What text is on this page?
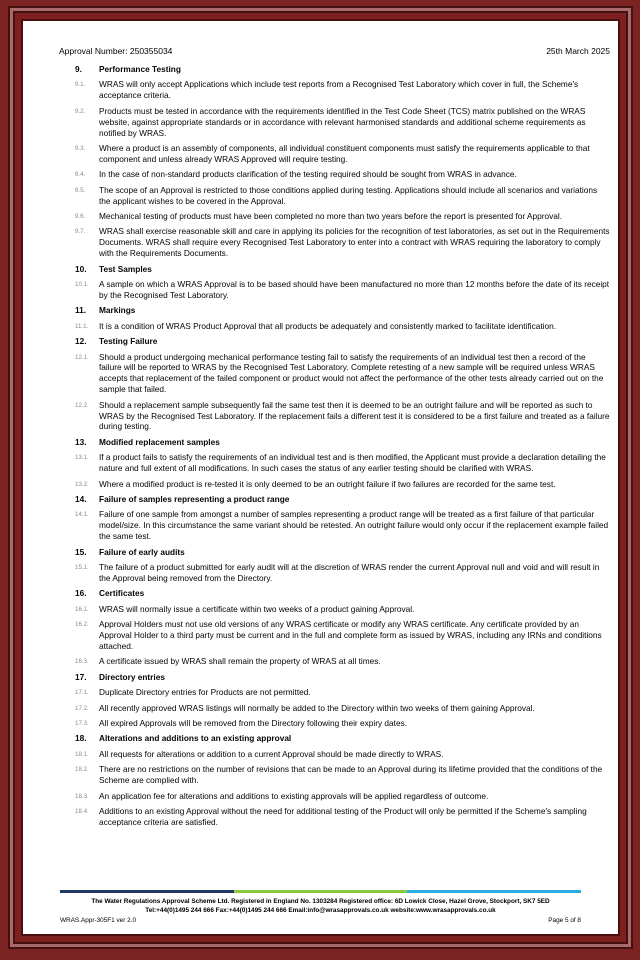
Approval Number: 250355034	25th March 2025
9.	Performance Testing
9.1.	WRAS will only accept Applications which include test reports from a Recognised Test Laboratory which cover in full, the Scheme's acceptance criteria.
9.2.	Products must be tested in accordance with the requirements identified in the Test Code Sheet (TCS) matrix published on the WRAS website, against appropriate standards or in accordance with relevant harmonised standards and additional scheme requirements as notified by WRAS.
9.3.	Where a product is an assembly of components, all individual constituent components must satisfy the requirements applicable to that component and unless already WRAS Approved will require testing.
9.4.	In the case of non-standard products clarification of the testing required should be sought from WRAS in advance.
9.5.	The scope of an Approval is restricted to those conditions applied during testing. Applications should include all scenarios and variations the applicant wishes to be covered in the Approval.
9.6.	Mechanical testing of products must have been completed no more than two years before the report is presented for Approval.
9.7.	WRAS shall exercise reasonable skill and care in applying its policies for the recognition of test laboratories, as set out in the Requirements Documents. WRAS shall require every Recognised Test Laboratory to enter into a contract with WRAS requiring the laboratory to comply with the Requirements Documents.
10.	Test Samples
10.1.	A sample on which a WRAS Approval is to be based should have been manufactured no more than 12 months before the date of its receipt by the Recognised Test Laboratory.
11.	Markings
11.1.	It is a condition of WRAS Product Approval that all products be adequately and consistently marked to facilitate identification.
12.	Testing Failure
12.1.	Should a product undergoing mechanical performance testing fail to satisfy the requirements of an individual test then a record of the failure will be reported to WRAS by the Recognised Test Laboratory. Complete retesting of a new sample will be required unless WRAS accepts that replacement of the failed component or product would not affect the performance of the other tests already carried out on the sample that failed.
12.2.	Should a replacement sample subsequently fail the same test then it is deemed to be an outright failure and will be reported as such to WRAS by the Recognised Test Laboratory. If the replacement fails a different test it is considered to be a first failure and treated as a failure during testing.
13.	Modified replacement samples
13.1.	If a product fails to satisfy the requirements of an individual test and is then modified, the Applicant must provide a declaration detailing the nature and full extent of all modifications. In such cases the status of any earlier testing should be clarified with WRAS.
13.2.	Where a modified product is re-tested it is only deemed to be an outright failure if two failures are recorded for the same test.
14.	Failure of samples representing a product range
14.1.	Failure of one sample from amongst a number of samples representing a product range will be treated as a first failure of that particular model/size. In this circumstance the same variant should be retested. An outright failure would only occur if the replacement example failed the same test.
15.	Failure of early audits
15.1.	The failure of a product submitted for early audit will at the discretion of WRAS render the current Approval null and void and will result in the Approval being removed from the Directory.
16.	Certificates
16.1.	WRAS will normally issue a certificate within two weeks of a product gaining Approval.
16.2.	Approval Holders must not use old versions of any WRAS certificate or modify any WRAS certificate. Any certificate provided by an Approval Holder to a third party must be current and in the full and complete form as issued by WRAS, including any IRNs and conditions attached.
16.3.	A certificate issued by WRAS shall remain the property of WRAS at all times.
17.	Directory entries
17.1.	Duplicate Directory entries for Products are not permitted.
17.2.	All recently approved WRAS listings will normally be added to the Directory within two weeks of them gaining Approval.
17.3.	All expired Approvals will be removed from the Directory following their expiry dates.
18.	Alterations and additions to an existing approval
18.1.	All requests for alterations or addition to a current Approval should be made directly to WRAS.
18.2.	There are no restrictions on the number of revisions that can be made to an Approval during its lifetime provided that the conditions of the Scheme are complied with.
18.3.	An application fee for alterations and additions to existing approvals will be applied regardless of outcome.
18.4.	Additions to an existing Approval without the need for additional testing of the Product will only be permitted if the Scheme's sampling acceptance criteria are satisfied.
The Water Regulations Approval Scheme Ltd. Registered in England No. 1303284 Registered office: 6D Lowick Close, Hazel Grove, Stockport, SK7 5ED
Tel:+44(0)1495 244 666 Fax:+44(0)1495 244 666 Email:info@wrasapprovals.co.uk website:www.wrasapprovals.co.uk
WRAS.Appr-305F1 ver 2.0	Page 5 of 8
